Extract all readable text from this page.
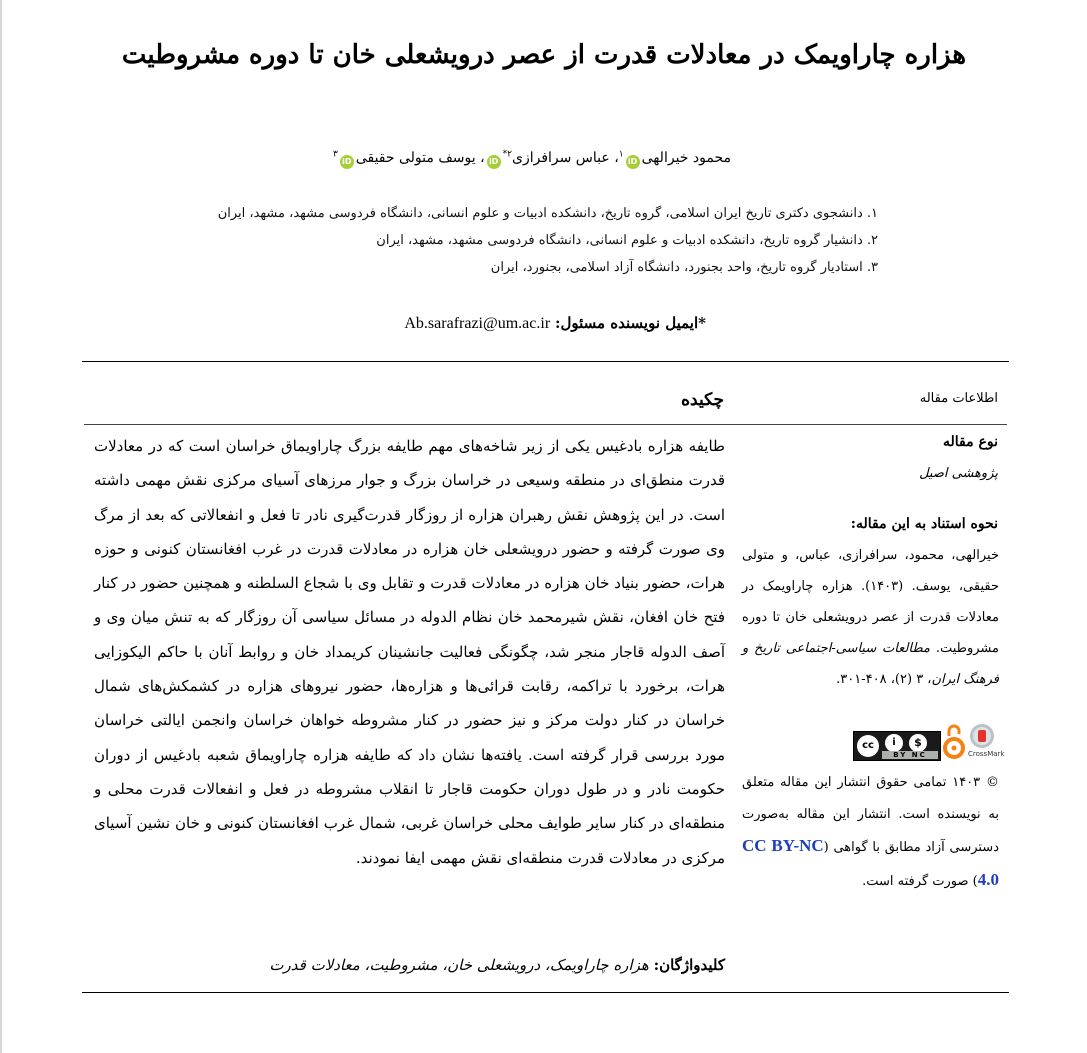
هزاره چاراویمک در معادلات قدرت از عصر درویشعلی خان تا دوره مشروطیت
محمود خیرالهیiD$^۱$، عباس سرافرازی$^{۲*}$iD، یوسف متولی حقیقیiD$^۳$
۱. دانشجوی دکتری تاریخ ایران اسلامی، گروه تاریخ، دانشکده ادبیات و علوم انسانی، دانشگاه فردوسی مشهد، مشهد، ایران
۲. دانشیار گروه تاریخ، دانشکده ادبیات و علوم انسانی، دانشگاه فردوسی مشهد، مشهد، ایران
۳. استادیار گروه تاریخ، واحد بجنورد، دانشگاه آزاد اسلامی، بجنورد، ایران
*ایمیل نویسنده مسئول: Ab.sarafrazi@um.ac.ir
اطلاعات مقاله
چکیده
نوع مقاله
پژوهشی اصیل
نحوه استناد به این مقاله:
خیرالهی، محمود، سرافرازی، عباس، و متولی حقیقی، یوسف. (۱۴۰۳). هزاره چاراویمک در معادلات قدرت از عصر درویشعلی خان تا دوره مشروطیت. مطالعات سیاسی-اجتماعی تاریخ و فرهنگ ایران، ۳ (۲)، ۴۰۸-۳۰۱.
cc	i	$
BY NC	CrossMark
© ۱۴۰۳ تمامی حقوق انتشار این مقاله متعلق به نویسنده است. انتشار این مقاله به‌صورت دسترسی آزاد مطابق با گواهی (CC BY-NC 4.0) صورت گرفته است.
طایفه هزاره بادغیس یکی از زیر شاخه‌های مهم طایفه بزرگ چاراویماق خراسان است که در معادلات قدرت منطق‌ای در منطقه وسیعی در خراسان بزرگ و جوار مرزهای آسیای مرکزی نقش مهمی داشته است. در این پژوهش نقش رهبران هزاره از روزگار قدرت‌گیری نادر تا فعل و انفعالاتی که بعد از مرگ وی صورت گرفته و حضور درویشعلی خان هزاره در معادلات قدرت در غرب افغانستان کنونی و حوزه هرات، حضور بنیاد خان هزاره در معادلات قدرت و تقابل وی با شجاع السلطنه و همچنین حضور در کنار فتح خان افغان، نقش شیرمحمد خان نظام الدوله در مسائل سیاسی آن روزگار که به تنش میان وی و آصف الدوله قاجار منجر شد، چگونگی فعالیت جانشینان کریمداد خان و روابط آنان با حاکم الیکوزایی هرات، برخورد با تراکمه، رقابت قرائی‌ها و هزاره‌ها، حضور نیروهای هزاره در کشمکش‌های شمال خراسان در کنار دولت مرکز و نیز حضور در کنار مشروطه خواهان خراسان وانجمن ایالتی خراسان مورد بررسی قرار گرفته است. یافته‌ها نشان داد که طایفه هزاره چاراویماق شعبه بادغیس از دوران حکومت نادر و در طول دوران حکومت قاجار تا انقلاب مشروطه در فعل و انفعالات قدرت محلی و منطقه‌ای در کنار سایر طوایف محلی خراسان غربی، شمال غرب افغانستان کنونی و خان نشین آسیای مرکزی در معادلات قدرت منطقه‌ای نقش مهمی ایفا نمودند.
کلیدواژگان: هزاره چاراویمک، درویشعلی خان، مشروطیت، معادلات قدرت
